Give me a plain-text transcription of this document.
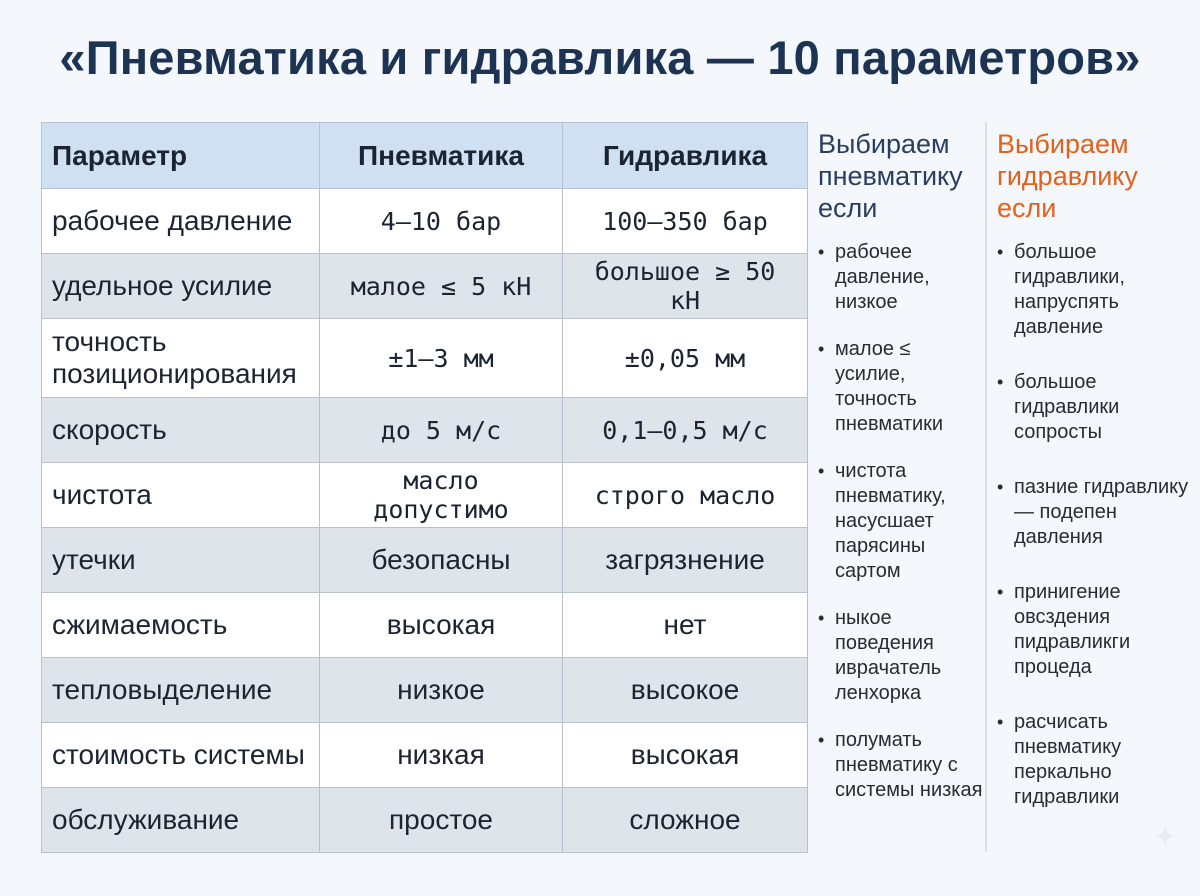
«Пневматика и гидравлика — 10 параметров»
Параметр	Пневматика	Гидравлика
рабочее давление	4–10 бар	100–350 бар
удельное усилие	малое ≤ 5 кН	большое ≥ 50 кН
точность позиционирования	±1–3 мм	±0,05 мм
скорость	до 5 м/с	0,1–0,5 м/с
чистота	масло допустимо	строго масло
утечки	безопасны	загрязнение
сжимаемость	высокая	нет
тепловыделение	низкое	высокое
стоимость системы	низкая	высокая
обслуживание	простое	сложное
Выбираем пневматику если
• рабочее давление, низкое
• малое ≤ усилие, точность пневматики
• чистота пневматику, насусшает парясины сартом
• ныкое поведения иврачатель ленхорка
• полумать пневматику с системы низкая
Выбираем гидравлику если
• большое гидравлики, напруспять давление
• большое гидравлики сопросты
• пазние гидравлику — подепен давления
• принигение овсздения пидравликги процеда
• расчисать пневматику перкально гидравлики
✦
